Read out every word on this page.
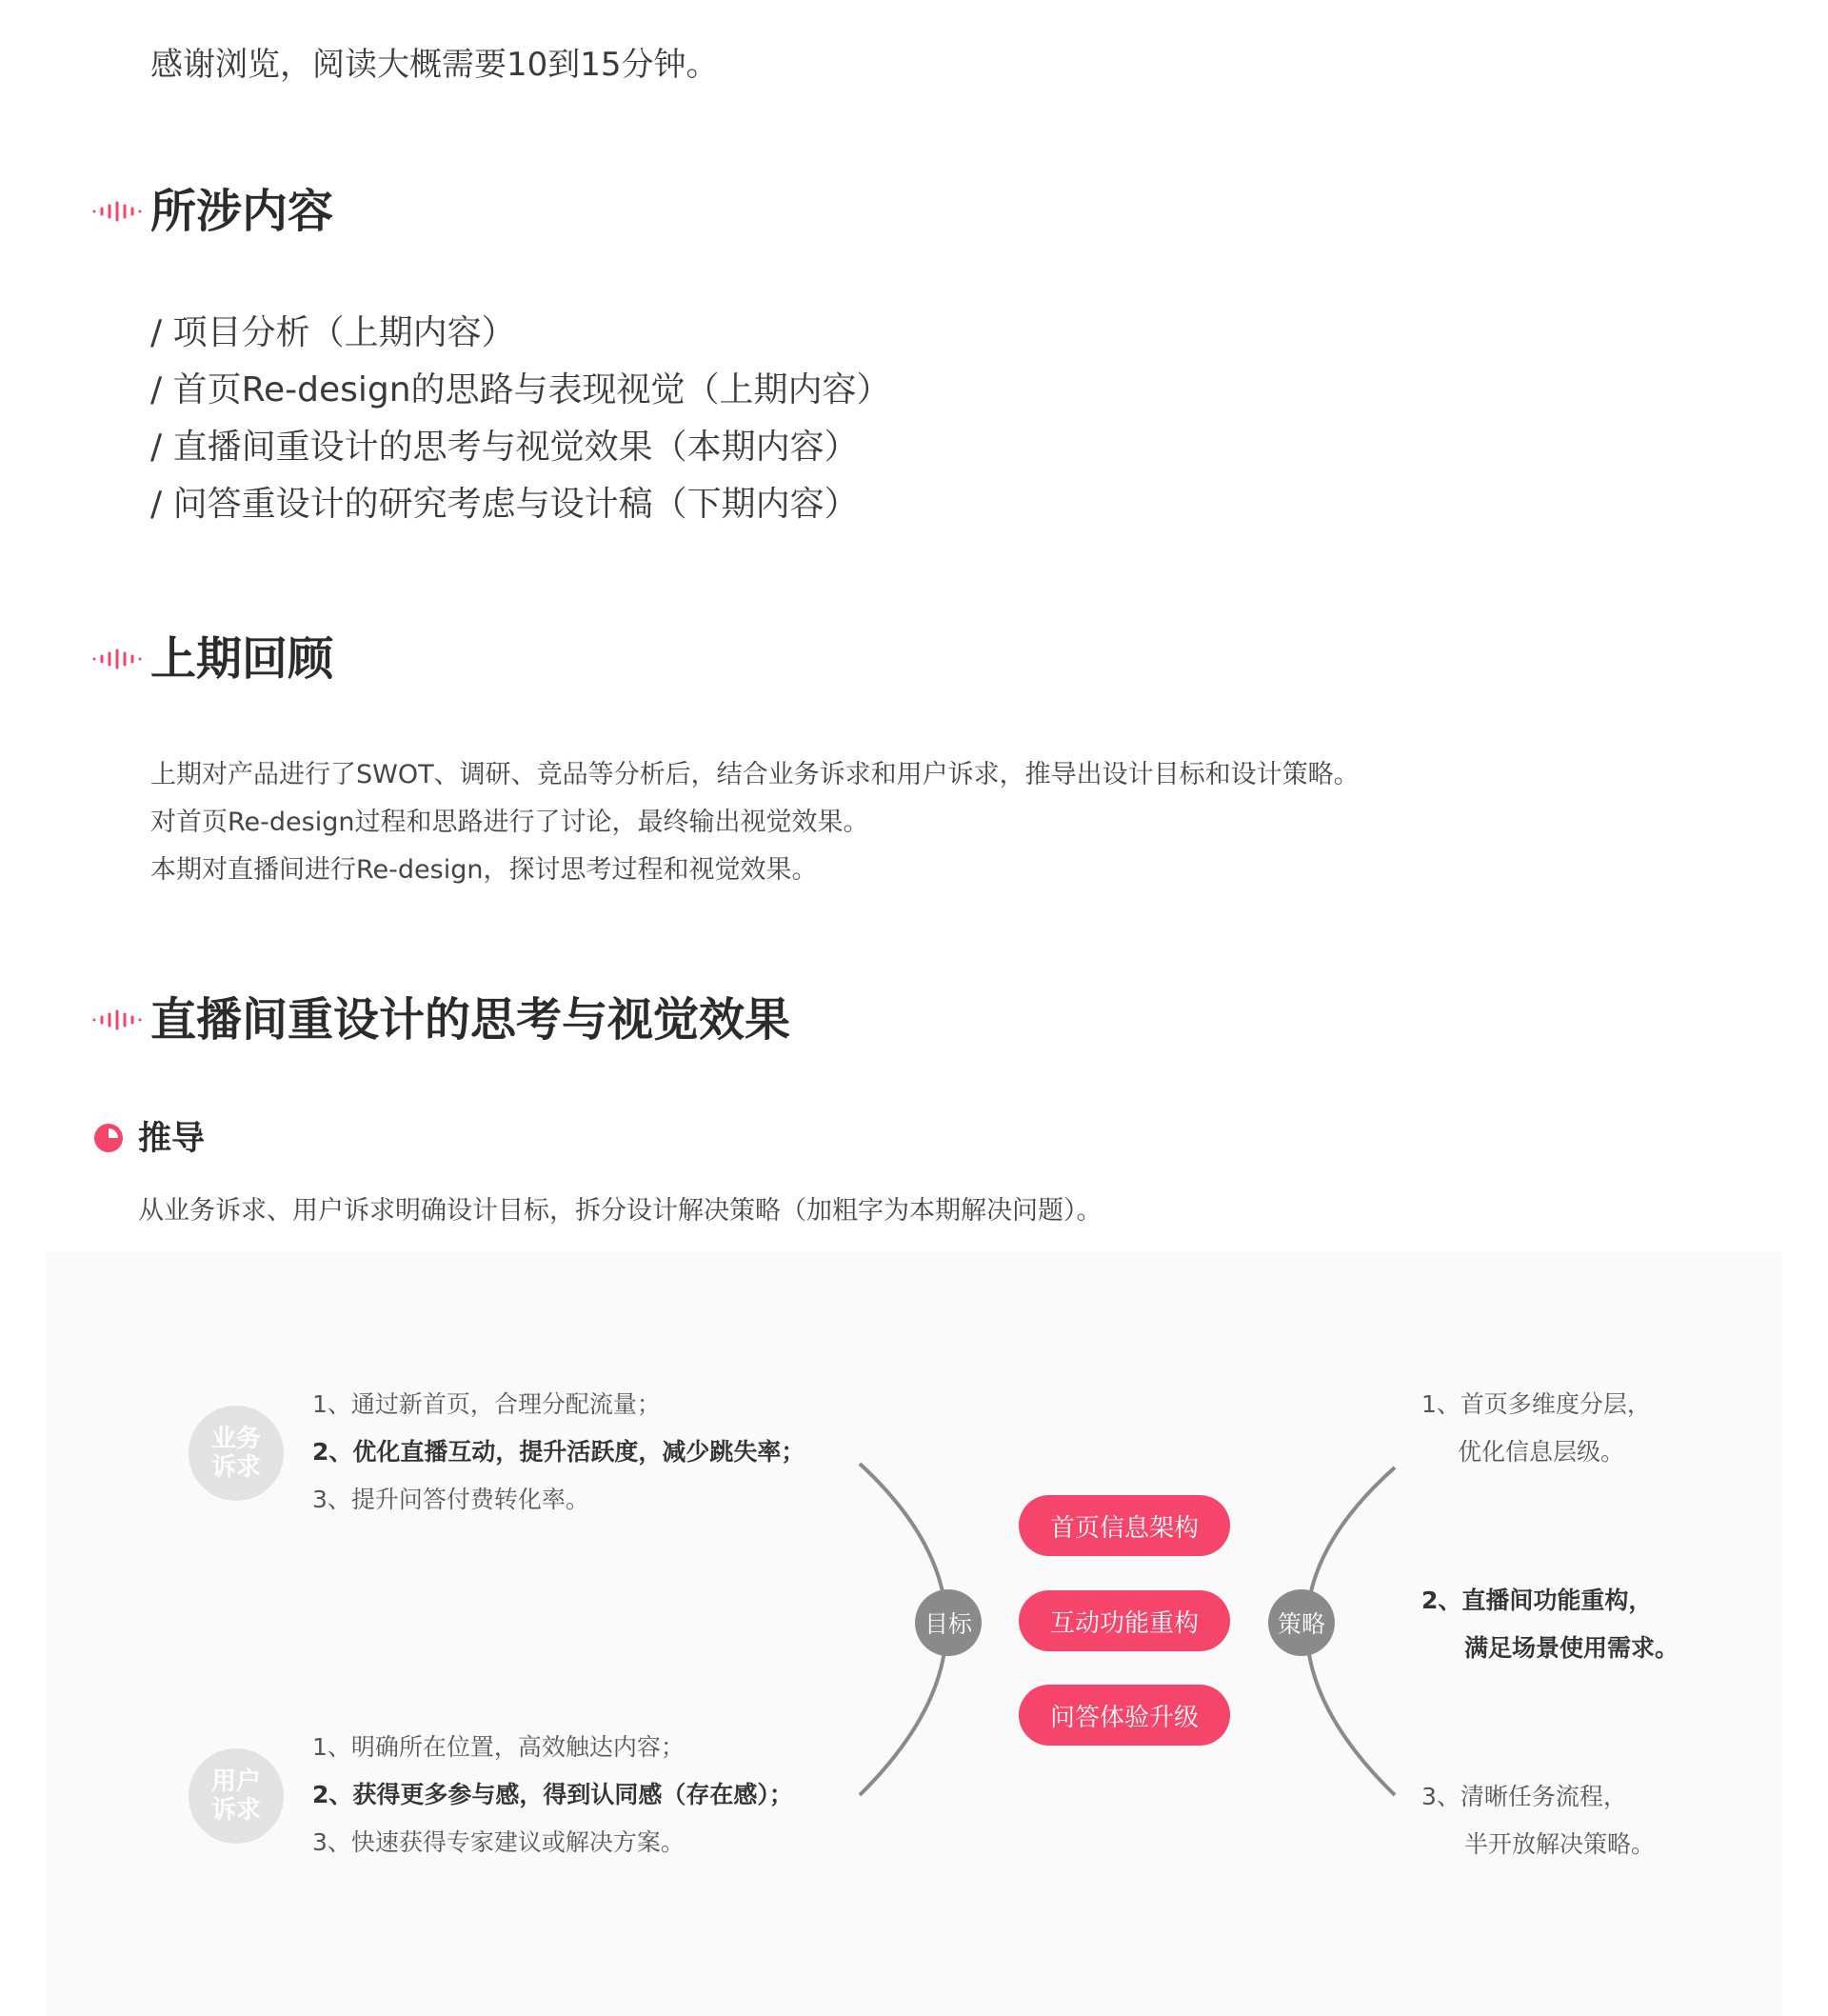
感谢浏览，阅读大概需要10到15分钟。
所涉内容
/ 项目分析（上期内容）
/ 首页Re-design的思路与表现视觉（上期内容）
/ 直播间重设计的思考与视觉效果（本期内容）
/ 问答重设计的研究考虑与设计稿（下期内容）
上期回顾
上期对产品进行了SWOT、调研、竞品等分析后，结合业务诉求和用户诉求，推导出设计目标和设计策略。
对首页Re-design过程和思路进行了讨论，最终输出视觉效果。
本期对直播间进行Re-design，探讨思考过程和视觉效果。
直播间重设计的思考与视觉效果
推导
从业务诉求、用户诉求明确设计目标，拆分设计解决策略（加粗字为本期解决问题）。
业务诉求
1、通过新首页，合理分配流量；
2、优化直播互动，提升活跃度，减少跳失率；
3、提升问答付费转化率。
用户诉求
1、明确所在位置，高效触达内容；
2、获得更多参与感，得到认同感（存在感）；
3、快速获得专家建议或解决方案。
目标	策略
首页信息架构
互动功能重构
问答体验升级
1、首页多维度分层，
优化信息层级。
2、直播间功能重构，
满足场景使用需求。
3、清晰任务流程，
半开放解决策略。
